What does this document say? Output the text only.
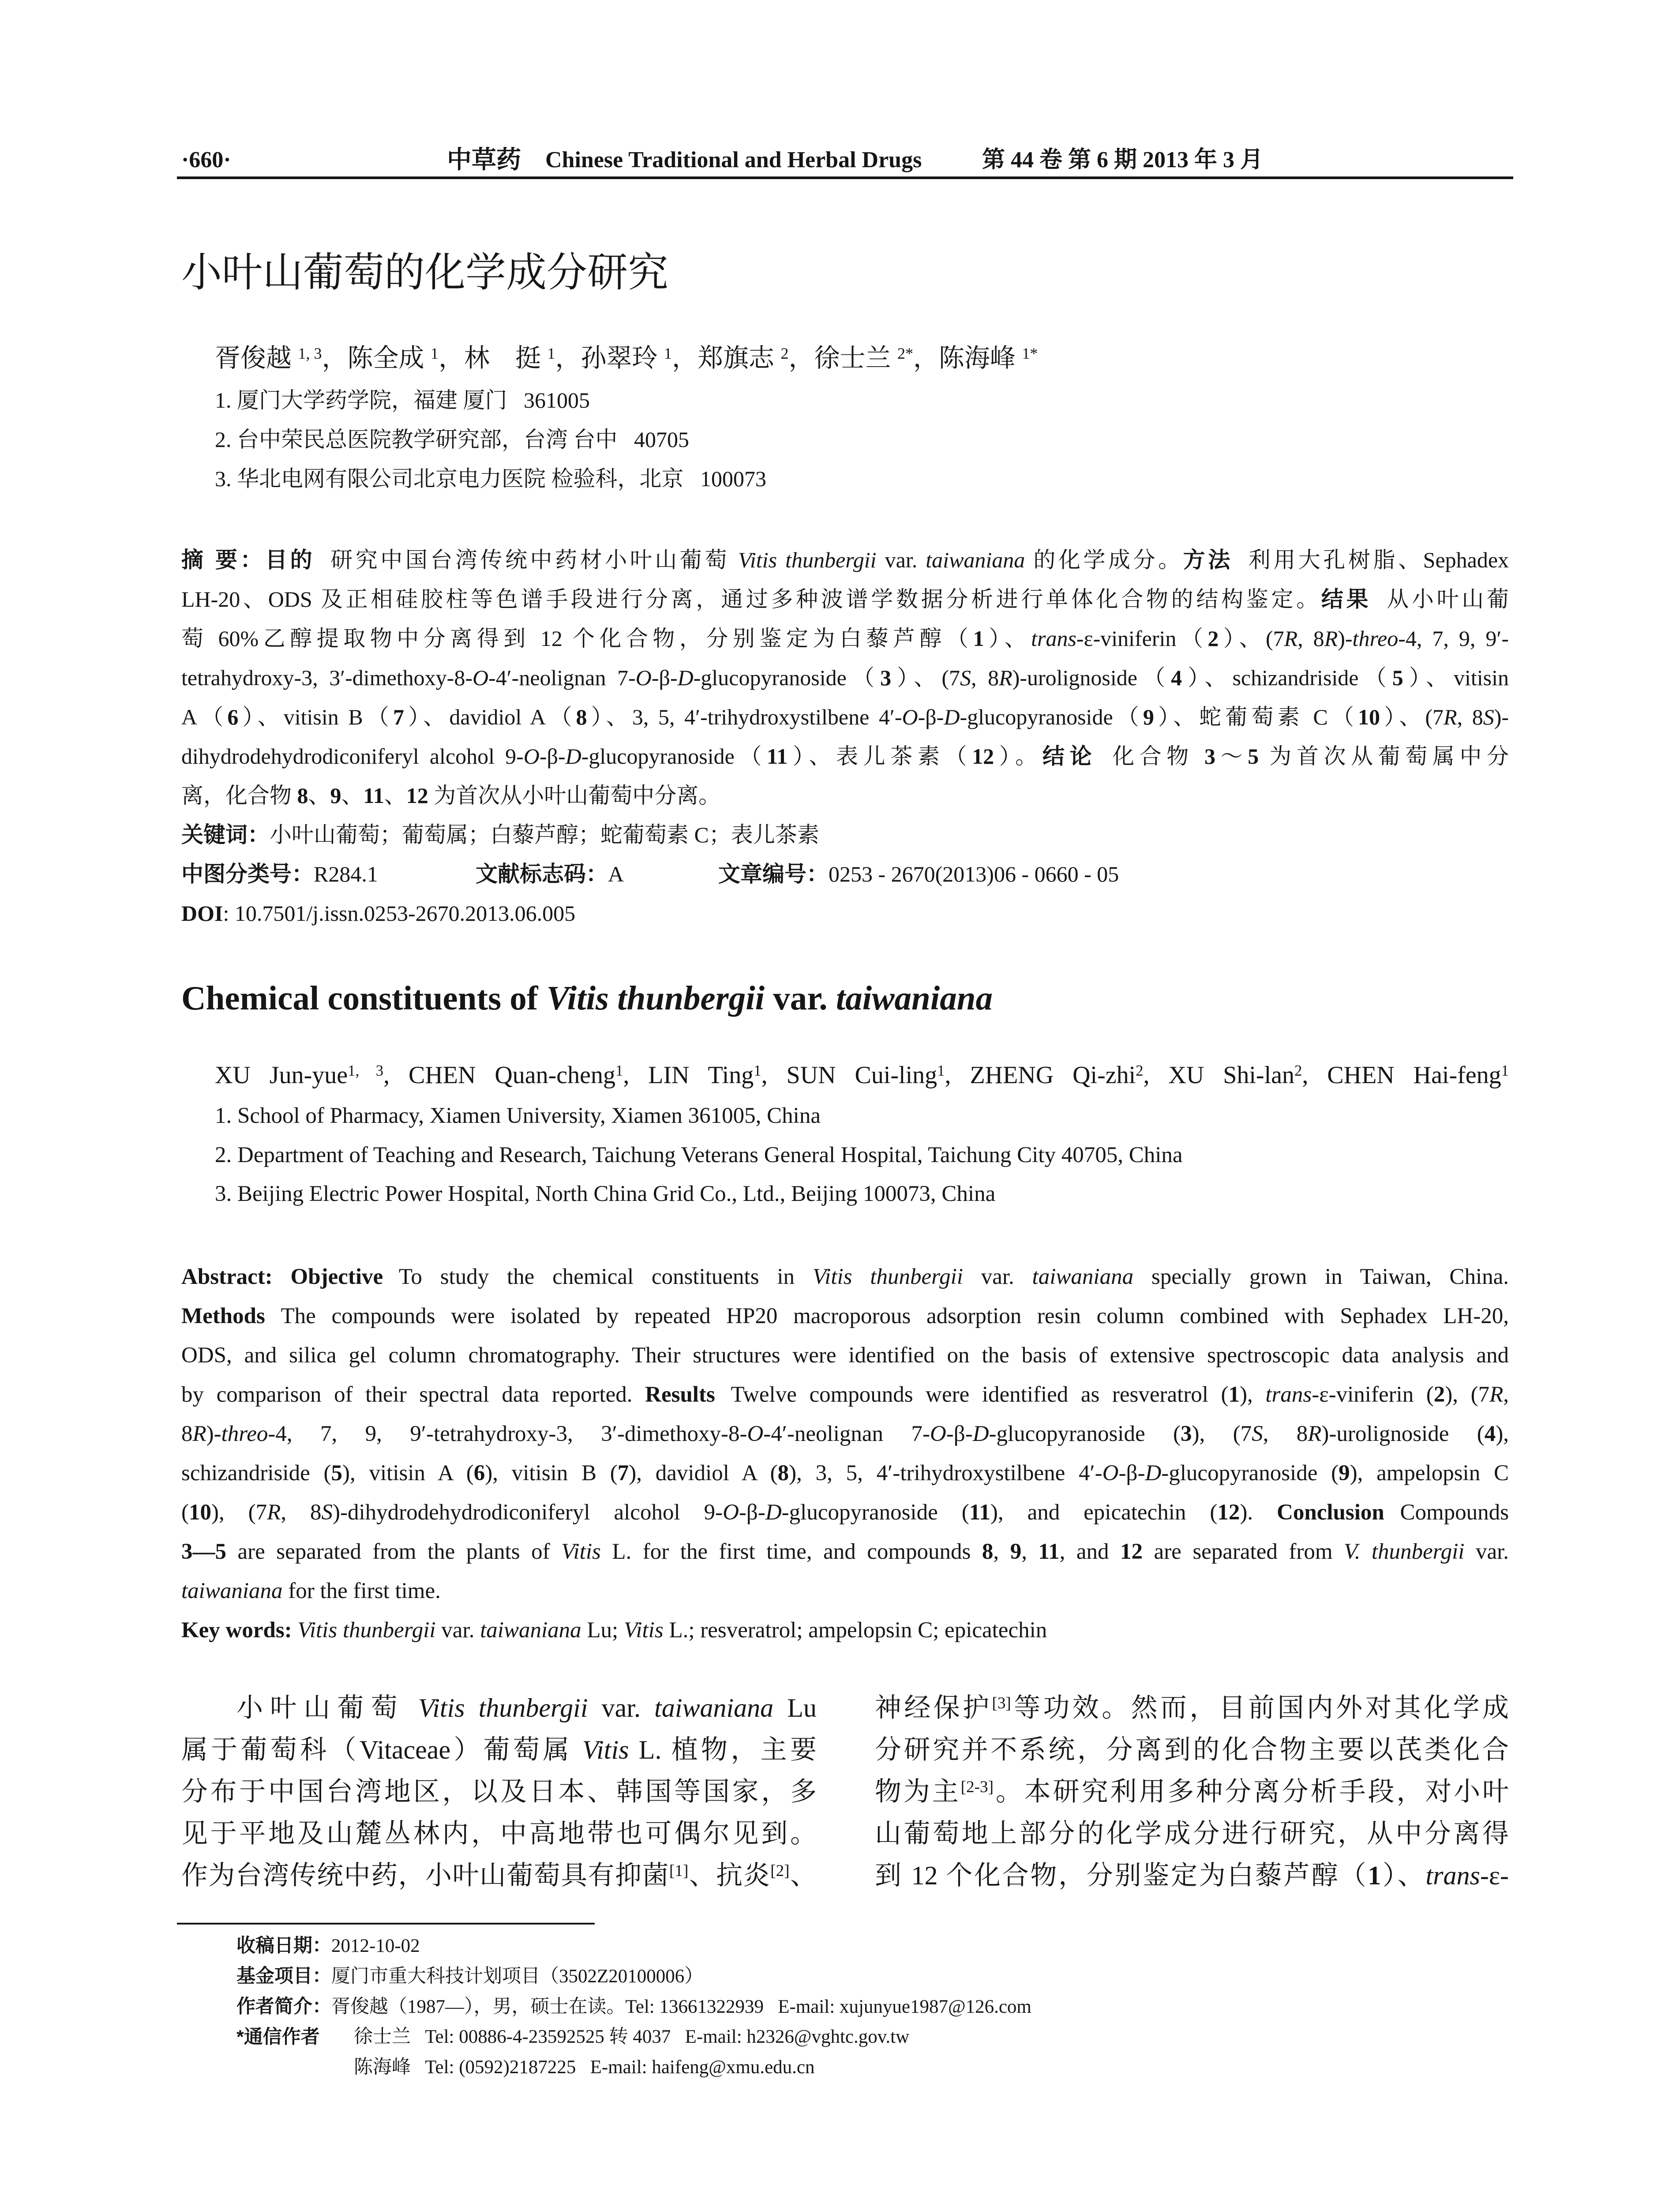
·660·	中草药 Chinese Traditional and Herbal Drugs	第 44 卷 第 6 期 2013 年 3 月
小叶山葡萄的化学成分研究
胥俊越 $^{1, 3}$，陈全成 $^1$，林　挺 $^1$，孙翠玲 $^1$，郑旗志 $^2$，徐士兰 $^{2*}$，陈海峰 $^{1*}$
1. 厦门大学药学院，福建 厦门   361005
2. 台中荣民总医院教学研究部，台湾 台中   40705
3. 华北电网有限公司北京电力医院 检验科，北京   100073
摘 要：目的 研究中国台湾传统中药材小叶山葡萄 Vitis thunbergii var. taiwaniana 的化学成分。方法 利用大孔树脂、Sephadex
LH-20、ODS 及正相硅胶柱等色谱手段进行分离，通过多种波谱学数据分析进行单体化合物的结构鉴定。结果 从小叶山葡
萄 60%乙醇提取物中分离得到 12 个化合物，分别鉴定为白藜芦醇（1）、trans-ε-viniferin（2）、(7R, 8R)-threo-4, 7, 9, 9′-
tetrahydroxy-3, 3′-dimethoxy-8-O-4′-neolignan 7-O-β-D-glucopyranoside（3）、(7S, 8R)-urolignoside（4）、schizandriside（5）、vitisin
A（6）、vitisin B（7）、davidiol A（8）、3, 5, 4′-trihydroxystilbene 4′-O-β-D-glucopyranoside（9）、蛇葡萄素 C（10）、(7R, 8S)-
dihydrodehydrodiconiferyl alcohol 9-O-β-D-glucopyranoside（11）、表儿茶素（12）。结论 化合物 3～5 为首次从葡萄属中分
离，化合物 8、9、11、12 为首次从小叶山葡萄中分离。
关键词：小叶山葡萄；葡萄属；白藜芦醇；蛇葡萄素 C；表儿茶素
中图分类号：R284.1	文献标志码：A	文章编号：0253 - 2670(2013)06 - 0660 - 05
DOI: 10.7501/j.issn.0253-2670.2013.06.005
Chemical constituents of Vitis thunbergii var. taiwaniana
XU Jun-yue$^{1, 3}$, CHEN Quan-cheng$^1$, LIN Ting$^1$, SUN Cui-ling$^1$, ZHENG Qi-zhi$^2$, XU Shi-lan$^2$, CHEN Hai-feng$^1$
1. School of Pharmacy, Xiamen University, Xiamen 361005, China
2. Department of Teaching and Research, Taichung Veterans General Hospital, Taichung City 40705, China
3. Beijing Electric Power Hospital, North China Grid Co., Ltd., Beijing 100073, China
Abstract: Objective To study the chemical constituents in Vitis thunbergii var. taiwaniana specially grown in Taiwan, China.
Methods The compounds were isolated by repeated HP20 macroporous adsorption resin column combined with Sephadex LH-20,
ODS, and silica gel column chromatography. Their structures were identified on the basis of extensive spectroscopic data analysis and
by comparison of their spectral data reported. Results Twelve compounds were identified as resveratrol (1), trans-ε-viniferin (2), (7R,
8R)-threo-4, 7, 9, 9′-tetrahydroxy-3, 3′-dimethoxy-8-O-4′-neolignan 7-O-β-D-glucopyranoside (3), (7S, 8R)-urolignoside (4),
schizandriside (5), vitisin A (6), vitisin B (7), davidiol A (8), 3, 5, 4′-trihydroxystilbene 4′-O-β-D-glucopyranoside (9), ampelopsin C
(10), (7R, 8S)-dihydrodehydrodiconiferyl alcohol 9-O-β-D-glucopyranoside (11), and epicatechin (12). Conclusion Compounds
3—5 are separated from the plants of Vitis L. for the first time, and compounds 8, 9, 11, and 12 are separated from V. thunbergii var.
taiwaniana for the first time.
Key words: Vitis thunbergii var. taiwaniana Lu; Vitis L.; resveratrol; ampelopsin C; epicatechin
小叶山葡萄 Vitis thunbergii var. taiwaniana Lu
属于葡萄科（Vitaceae）葡萄属 Vitis L. 植物，主要
分布于中国台湾地区，以及日本、韩国等国家，多
见于平地及山麓丛林内，中高地带也可偶尔见到。
作为台湾传统中药，小叶山葡萄具有抑菌[1]、抗炎[2]、
神经保护[3]等功效。然而，目前国内外对其化学成
分研究并不系统，分离到的化合物主要以芪类化合
物为主[2-3]。本研究利用多种分离分析手段，对小叶
山葡萄地上部分的化学成分进行研究，从中分离得
到 12 个化合物，分别鉴定为白藜芦醇（1）、trans-ε-
收稿日期：2012-10-02
基金项目：厦门市重大科技计划项目（3502Z20100006）
作者简介：胥俊越（1987—），男，硕士在读。Tel: 13661322939   E-mail: xujunyue1987@126.com
*通信作者 徐士兰   Tel: 00886-4-23592525 转 4037   E-mail: h2326@vghtc.gov.tw
陈海峰   Tel: (0592)2187225   E-mail: haifeng@xmu.edu.cn
